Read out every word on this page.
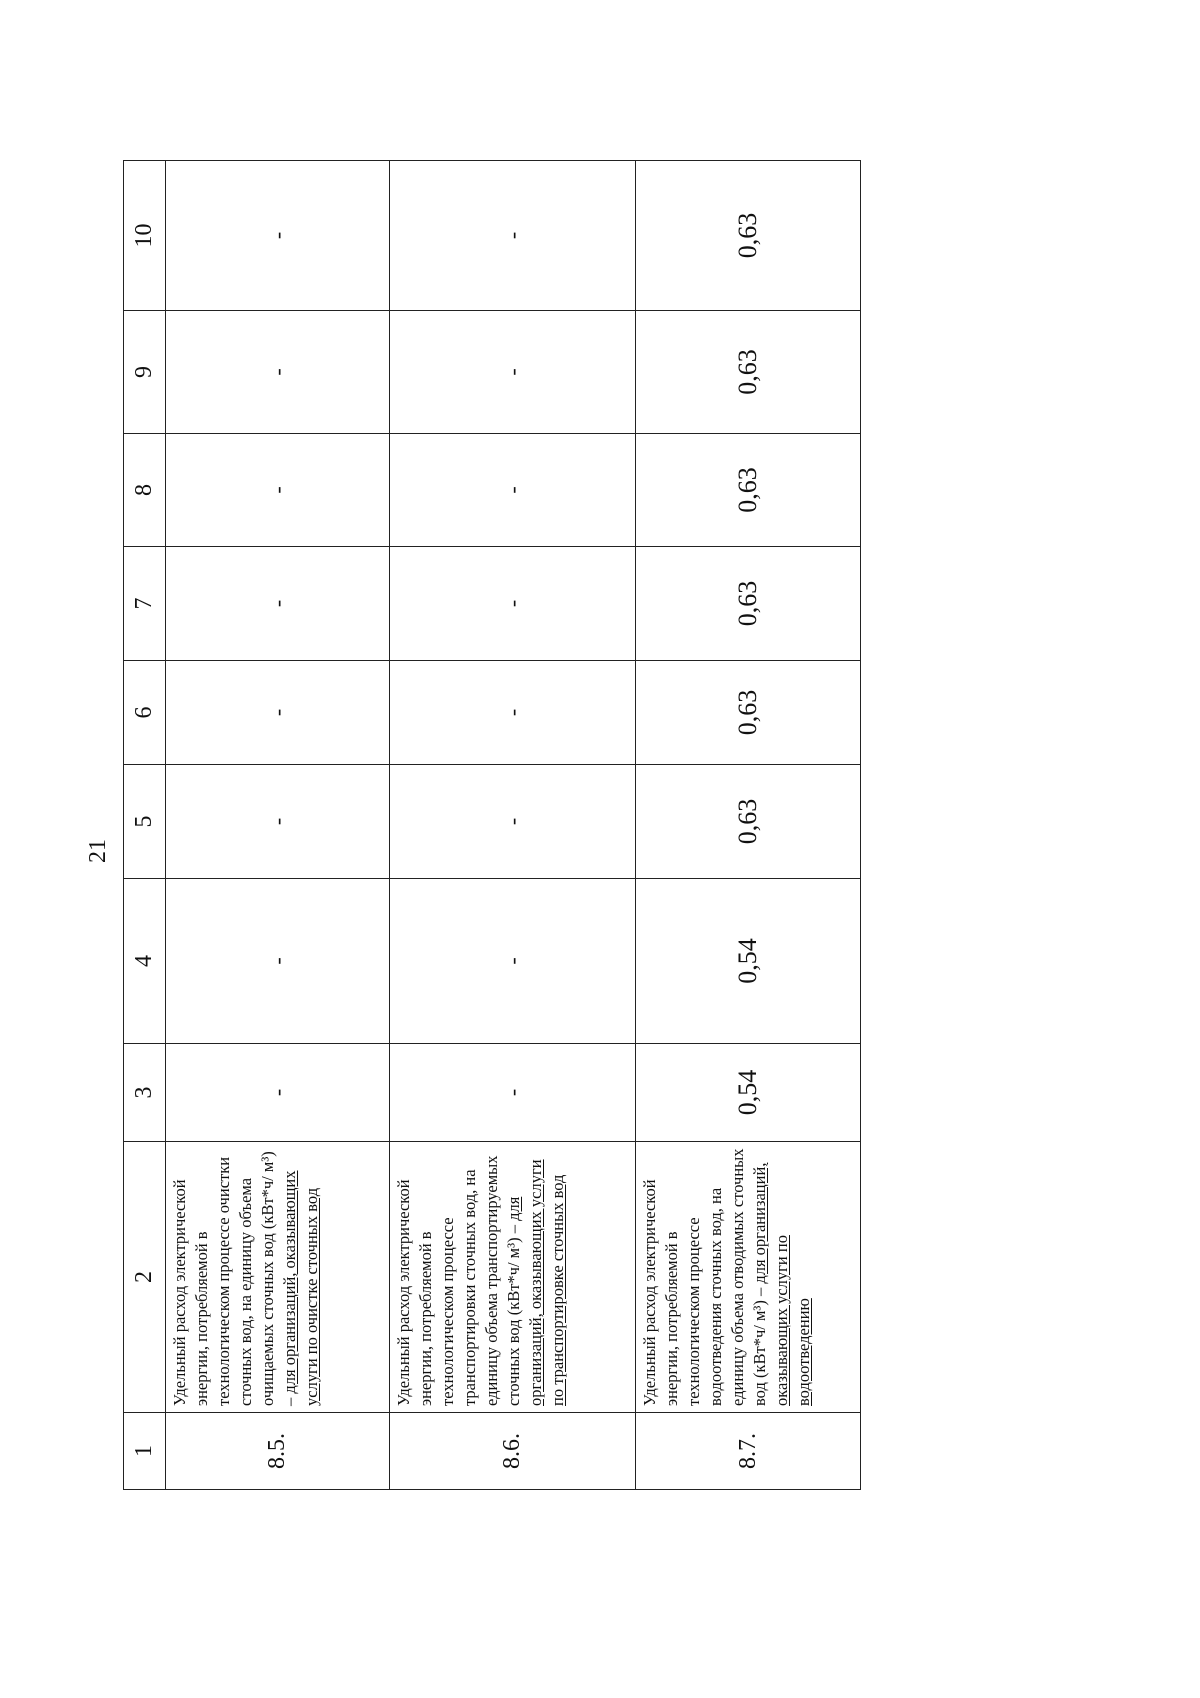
21
1	2	3	4	5	6	7	8	9	10
8.5.	Удельный расход электрической энергии, потребляемой в технологическом процессе очистки сточных вод, на единицу объема очищаемых сточных вод (кВт*ч/ м³) – для организаций, оказывающих услуги по очистке сточных вод	-	-	-	-	-	-	-	-
8.6.	Удельный расход электрической энергии, потребляемой в технологическом процессе транспортировки сточных вод, на единицу объема транспортируемых сточных вод (кВт*ч/ м³) – для организаций, оказывающих услуги по транспортировке сточных вод	-	-	-	-	-	-	-	-
8.7.	Удельный расход электрической энергии, потребляемой в технологическом процессе водоотведения сточных вод, на единицу объема отводимых сточных вод (кВт*ч/ м³) – для организаций, оказывающих услуги по водоотведению	0,54	0,54	0,63	0,63	0,63	0,63	0,63	0,63
